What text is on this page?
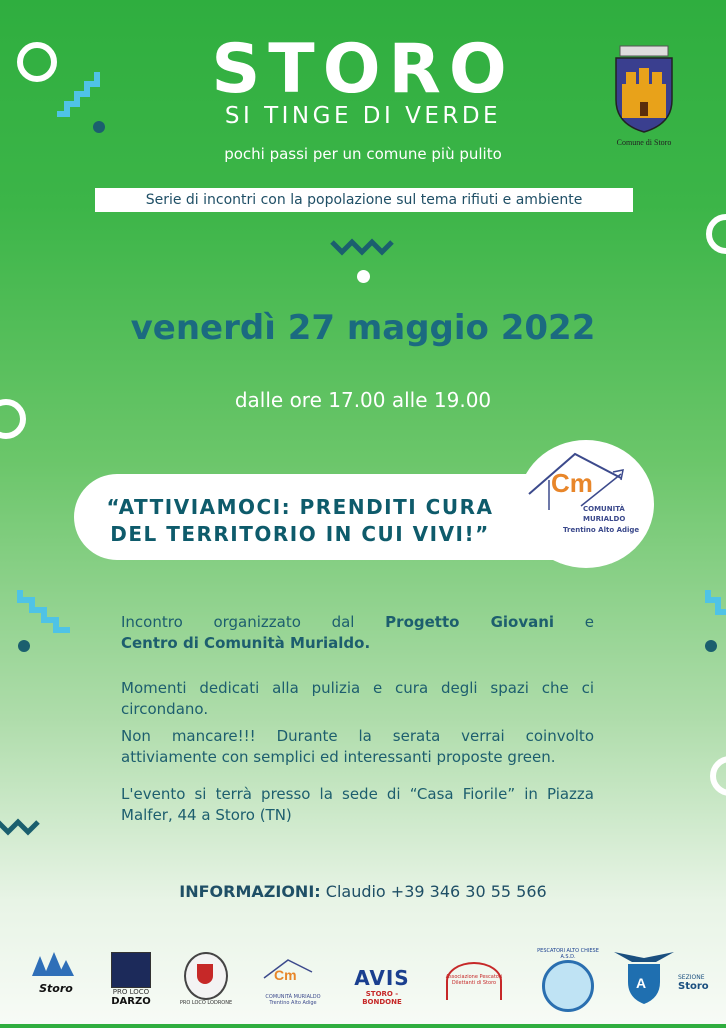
STORO
SI TINGE DI VERDE
pochi passi per un comune più pulito
Comune di Storo
Serie di incontri con la popolazione sul tema rifiuti e ambiente
venerdì 27 maggio 2022
dalle ore 17.00 alle 19.00
“ATTIVIAMOCI: PRENDITI CURA
DEL TERRITORIO IN CUI VIVI!”
Cm
COMUNITÀ
MURIALDO
Trentino Alto Adige
Incontro organizzato dal Progetto Giovani e
Centro di Comunità Murialdo.
Momenti dedicati alla pulizia e cura degli spazi che ci circondano.
Non mancare!!! Durante la serata verrai coinvolto attiviamente con semplici ed interessanti proposte green.
L'evento si terrà presso la sede di “Casa Fiorile” in Piazza Malfer, 44 a Storo (TN)
INFORMAZIONI: Claudio +39 346 30 55 566
Storo	PRO LOCO
DARZO	PRO LOCO LODRONE
Cm
COMUNITÀ MURIALDO Trentino Alto Adige
AVIS
STORO - BONDONE
Associazione Pescatori Dilettanti di Storo
PESCATORI ALTO CHIESE A.S.D.
A	SEZIONE
Storo
